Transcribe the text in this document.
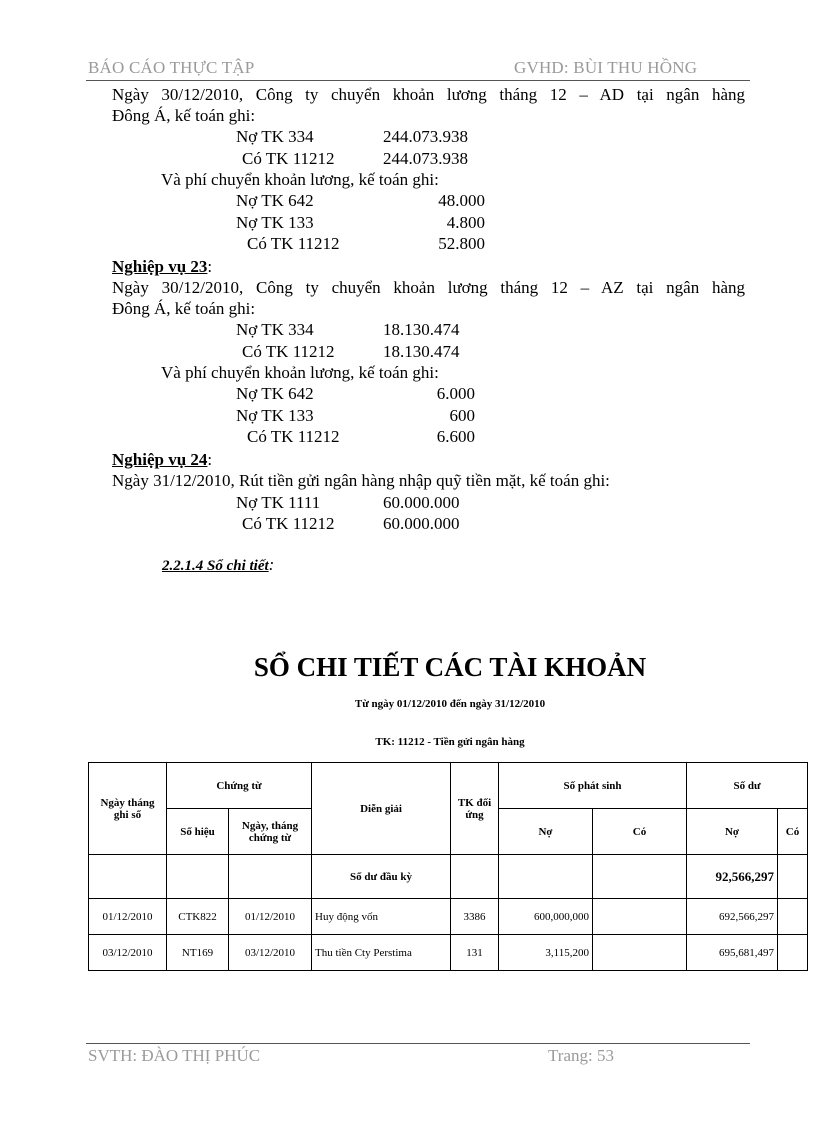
BÁO CÁO THỰC TẬP	GVHD: BÙI THU HỒNG
Ngày 30/12/2010, Công ty chuyển khoản lương tháng 12 – AD tại ngân hàng
Đông Á, kế toán ghi:
Nợ TK 334	244.073.938
Có TK 11212	244.073.938
Và phí chuyển khoản lương, kế toán ghi:
Nợ TK 642	48.000
Nợ TK 133	4.800
Có TK 11212	52.800
Nghiệp vụ 23:
Ngày 30/12/2010, Công ty chuyển khoản lương tháng 12 – AZ tại ngân hàng
Đông Á, kế toán ghi:
Nợ TK 334	18.130.474
Có TK 11212	18.130.474
Và phí chuyển khoản lương, kế toán ghi:
Nợ TK 642	6.000
Nợ TK 133	600
Có TK 11212	6.600
Nghiệp vụ 24:
Ngày 31/12/2010, Rút tiền gửi ngân hàng nhập quỹ tiền mặt, kế toán ghi:
Nợ TK 1111	60.000.000
Có TK 11212	60.000.000
2.2.1.4 Sổ chi tiết:
SỔ CHI TIẾT CÁC TÀI KHOẢN
Từ ngày 01/12/2010 đến ngày 31/12/2010
TK: 11212 - Tiền gửi ngân hàng
Ngày tháng ghi sổ	Chứng từ		Diễn giải	TK đối ứng	Số phát sinh		Số dư	
	Số hiệu	Ngày, tháng chứng từ			Nợ	Có	Nợ	Có
			Số dư đầu kỳ				92,566,297	
01/12/2010	CTK822	01/12/2010	Huy động vốn	3386	600,000,000		692,566,297	
03/12/2010	NT169	03/12/2010	Thu tiền Cty Perstima	131	3,115,200		695,681,497	
SVTH: ĐÀO THỊ PHÚC	Trang: 53
